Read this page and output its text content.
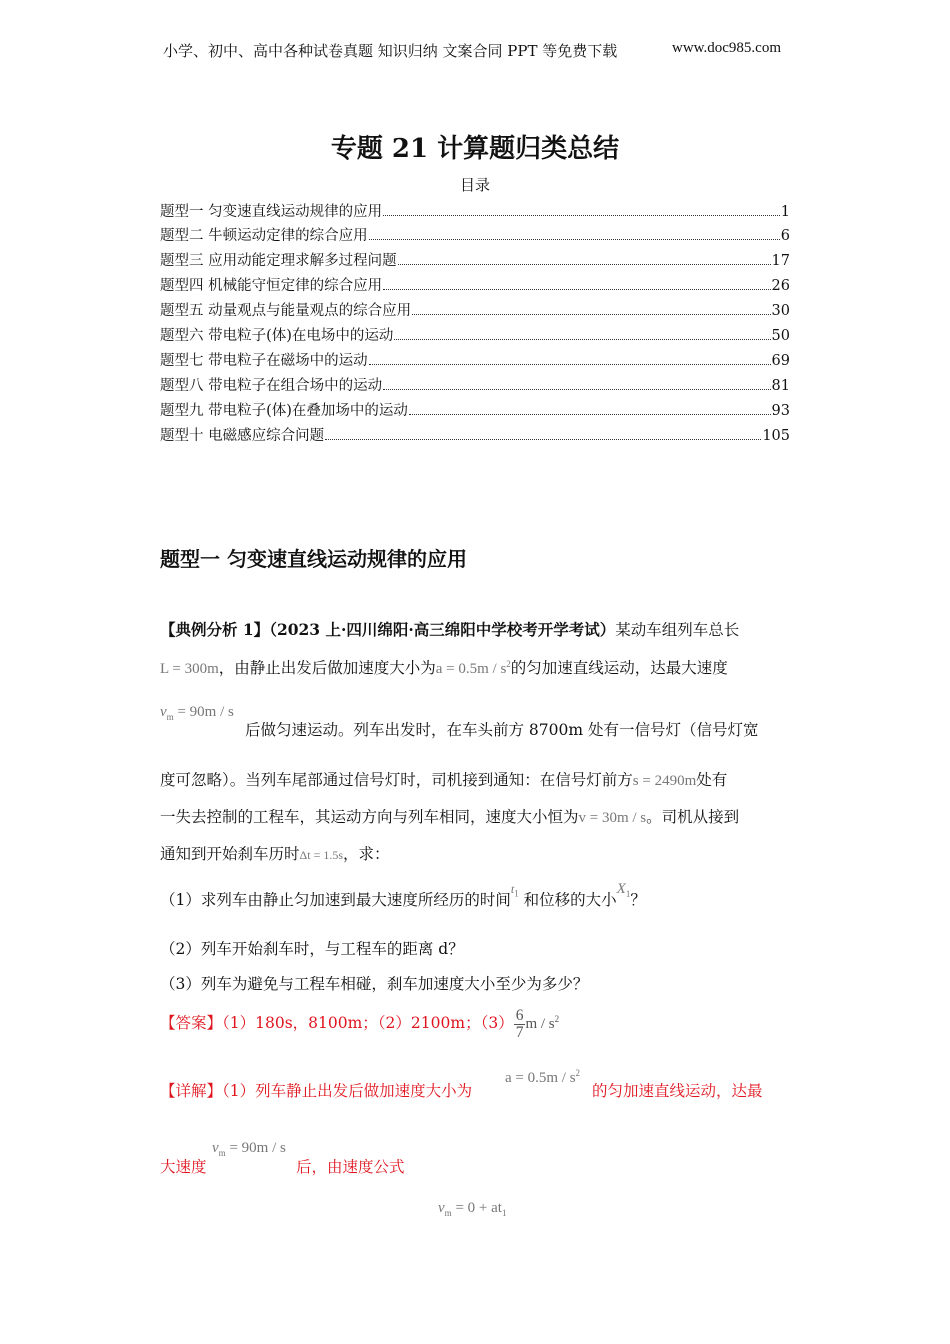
小学、初中、高中各种试卷真题 知识归纳 文案合同 PPT 等免费下载	www.doc985.com
专题 21 计算题归类总结
目录
题型一 匀变速直线运动规律的应用	1
题型二 牛顿运动定律的综合应用	6
题型三 应用动能定理求解多过程问题	17
题型四 机械能守恒定律的综合应用	26
题型五 动量观点与能量观点的综合应用	30
题型六 带电粒子(体)在电场中的运动	50
题型七 带电粒子在磁场中的运动	69
题型八 带电粒子在组合场中的运动	81
题型九 带电粒子(体)在叠加场中的运动	93
题型十 电磁感应综合问题	105
题型一 匀变速直线运动规律的应用
【典例分析 1】（2023 上·四川绵阳·高三绵阳中学校考开学考试）某动车组列车总长
L = 300m，由静止出发后做加速度大小为$a = 0.5m / s^2$的匀加速直线运动，达最大速度
$v_m = 90m / s$
后做匀速运动。列车出发时，在车头前方 8700m 处有一信号灯（信号灯宽
度可忽略）。当列车尾部通过信号灯时，司机接到通知：在信号灯前方s = 2490m处有
一失去控制的工程车，其运动方向与列车相同，速度大小恒为v = 30m / s。司机从接到
通知到开始刹车历时Δt = 1.5s，求：
（1）求列车由静止匀加速到最大速度所经历的时间$^{t_1}$ 和位移的大小$X_1$？
（2）列车开始刹车时，与工程车的距离 d？
（3）列车为避免与工程车相碰，刹车加速度大小至少为多少？
【答案】（1）180s，8100m；（2）2100m；$(3) \frac{6}{7}$ m / $s^2$
$a = 0.5m / s^2$
【详解】（1）列车静止出发后做加速度大小为	的匀加速直线运动，达最
大速度
$v_m = 90m / s$
后，由速度公式
$v_m = 0 + at_1$
